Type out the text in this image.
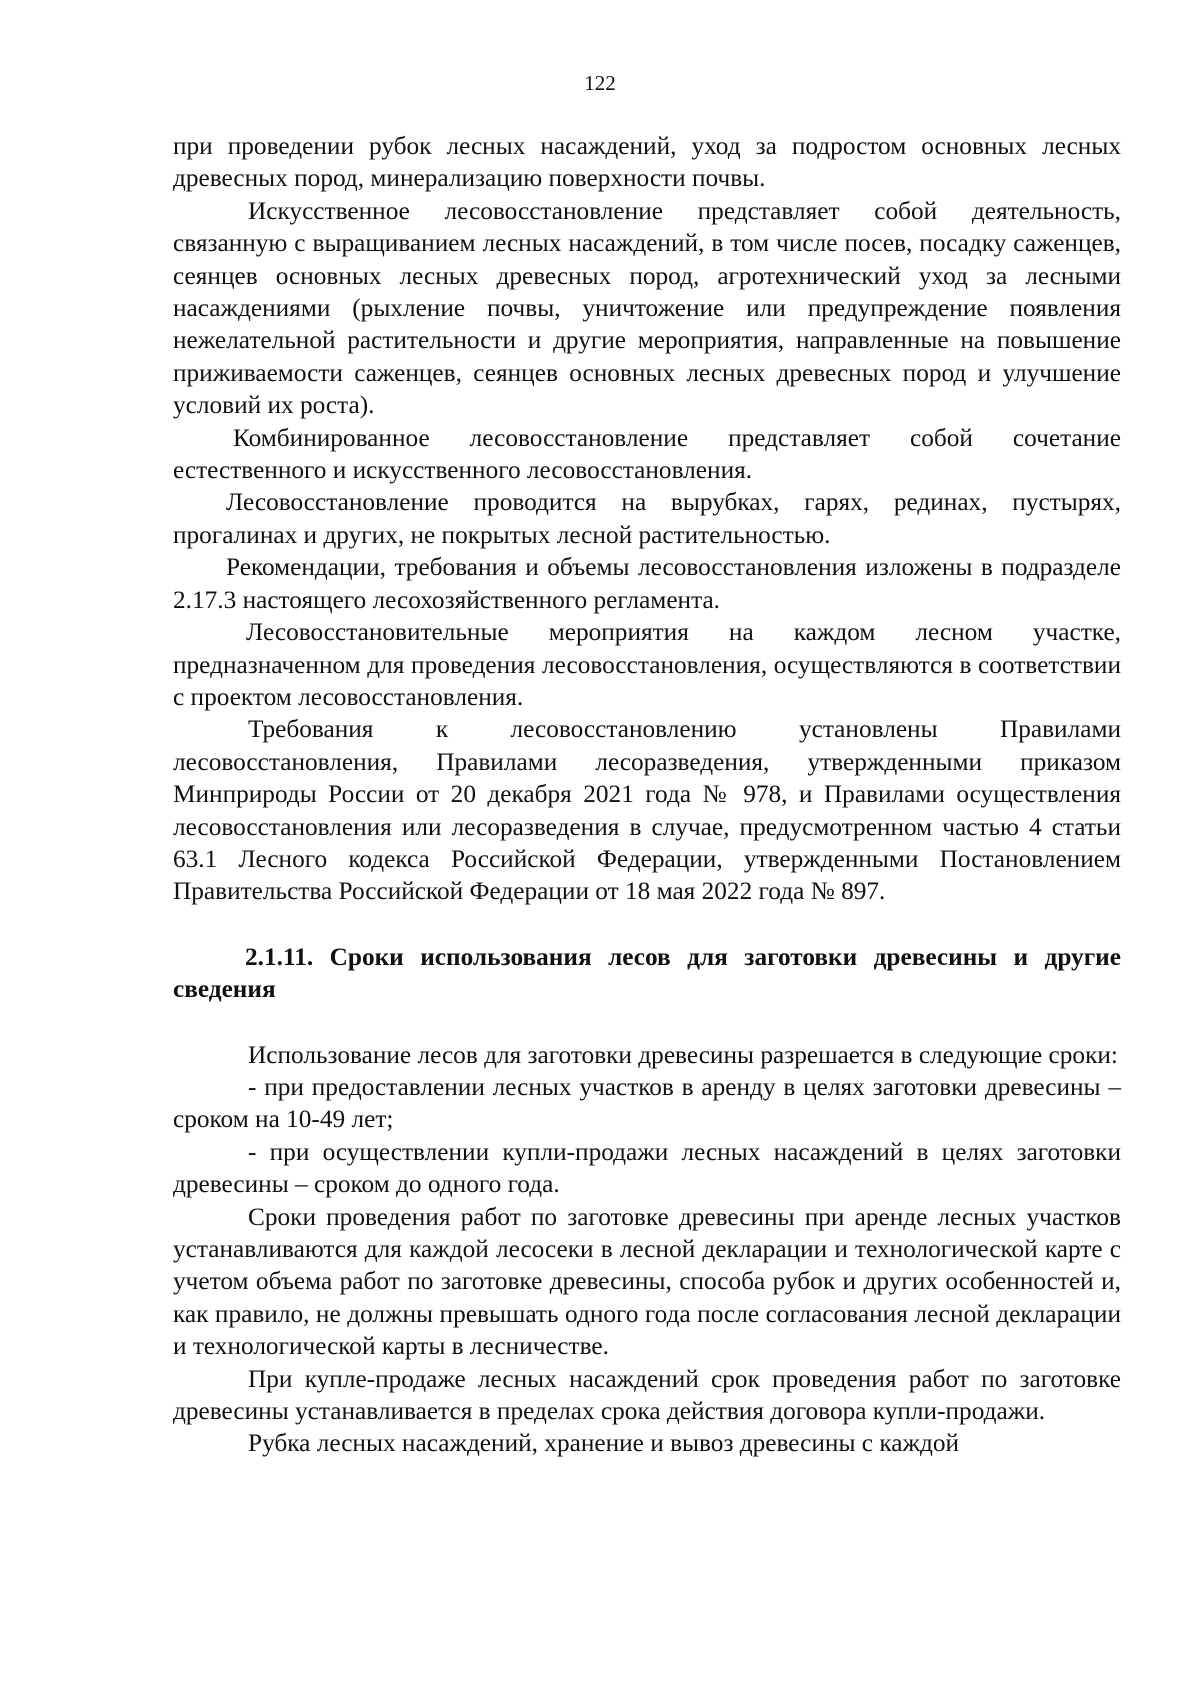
122

при проведении рубок лесных насаждений, уход за подростом основных лесных древесных пород, минерализацию поверхности почвы.

Искусственное лесовосстановление представляет собой деятельность, связанную с выращиванием лесных насаждений, в том числе посев, посадку саженцев, сеянцев основных лесных древесных пород, агротехнический уход за лесными насаждениями (рыхление почвы, уничтожение или предупреждение появления нежелательной растительности и другие мероприятия, направленные на повышение приживаемости саженцев, сеянцев основных лесных древесных пород и улучшение условий их роста).

Комбинированное лесовосстановление представляет собой сочетание естественного и искусственного лесовосстановления.

Лесовосстановление проводится на вырубках, гарях, рединах, пустырях, прогалинах и других, не покрытых лесной растительностью.

Рекомендации, требования и объемы лесовосстановления изложены в подразделе 2.17.3 настоящего лесохозяйственного регламента.

Лесовосстановительные мероприятия на каждом лесном участке, предназначенном для проведения лесовосстановления, осуществляются в соответствии с проектом лесовосстановления.

Требования к лесовосстановлению установлены Правилами лесовосстановления, Правилами лесоразведения, утвержденными приказом Минприроды России от 20 декабря 2021 года № 978, и Правилами осуществления лесовосстановления или лесоразведения в случае, предусмотренном частью 4 статьи 63.1 Лесного кодекса Российской Федерации, утвержденными Постановлением Правительства Российской Федерации от 18 мая 2022 года № 897.

2.1.11. Сроки использования лесов для заготовки древесины и другие сведения

Использование лесов для заготовки древесины разрешается в следующие сроки:

- при предоставлении лесных участков в аренду в целях заготовки древесины – сроком на 10-49 лет;

- при осуществлении купли-продажи лесных насаждений в целях заготовки древесины – сроком до одного года.

Сроки проведения работ по заготовке древесины при аренде лесных участков устанавливаются для каждой лесосеки в лесной декларации и технологической карте с учетом объема работ по заготовке древесины, способа рубок и других особенностей и, как правило, не должны превышать одного года после согласования лесной декларации и технологической карты в лесничестве.

При купле-продаже лесных насаждений срок проведения работ по заготовке древесины устанавливается в пределах срока действия договора купли-продажи.

Рубка лесных насаждений, хранение и вывоз древесины с каждой
